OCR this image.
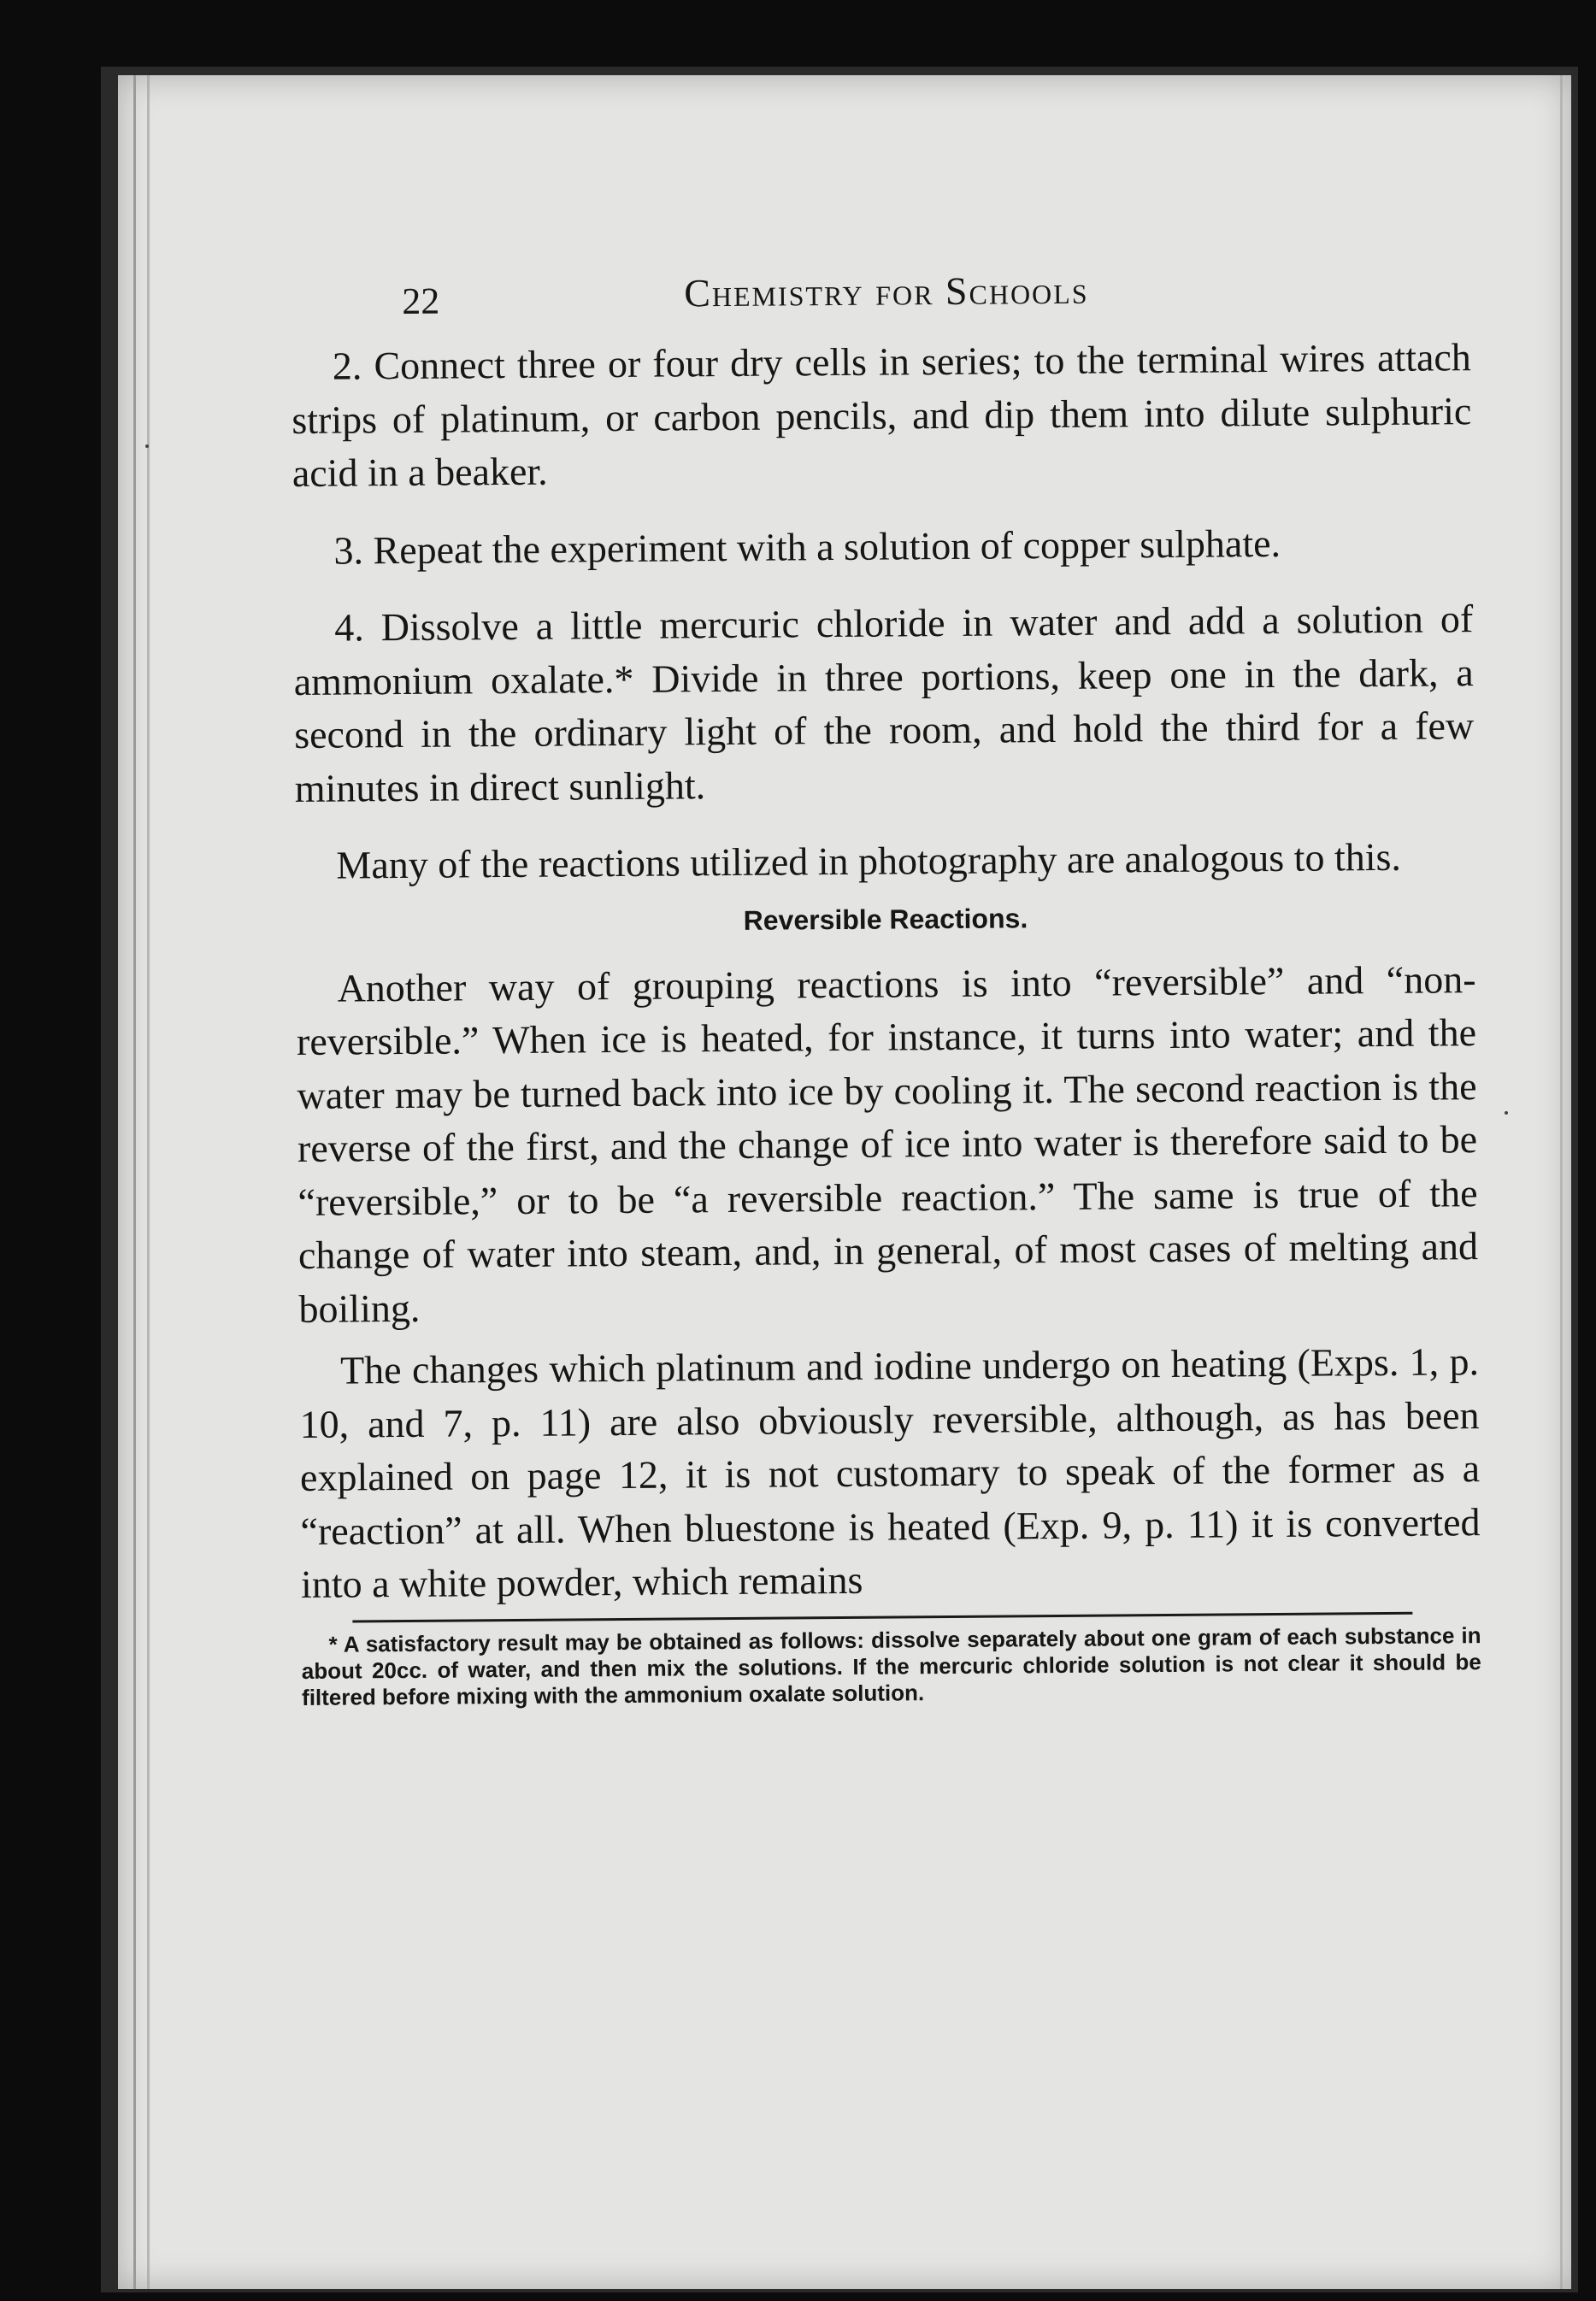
22	Chemistry for Schools

2. Connect three or four dry cells in series; to the terminal wires attach strips of platinum, or carbon pencils, and dip them into dilute sulphuric acid in a beaker.

3. Repeat the experiment with a solution of copper sulphate.

4. Dissolve a little mercuric chloride in water and add a solution of ammonium oxalate.* Divide in three portions, keep one in the dark, a second in the ordinary light of the room, and hold the third for a few minutes in direct sunlight.

Many of the reactions utilized in photography are analogous to this.

Reversible Reactions.

Another way of grouping reactions is into “reversible” and “non-reversible.” When ice is heated, for instance, it turns into water; and the water may be turned back into ice by cooling it. The second reaction is the reverse of the first, and the change of ice into water is therefore said to be “reversible,” or to be “a reversible reaction.” The same is true of the change of water into steam, and, in general, of most cases of melting and boiling.

The changes which platinum and iodine undergo on heating (Exps. 1, p. 10, and 7, p. 11) are also obviously reversible, although, as has been explained on page 12, it is not customary to speak of the former as a “reaction” at all. When bluestone is heated (Exp. 9, p. 11) it is converted into a white powder, which remains

* A satisfactory result may be obtained as follows: dissolve separately about one gram of each substance in about 20cc. of water, and then mix the solutions. If the mercuric chloride solution is not clear it should be filtered before mixing with the ammonium oxalate solution.
